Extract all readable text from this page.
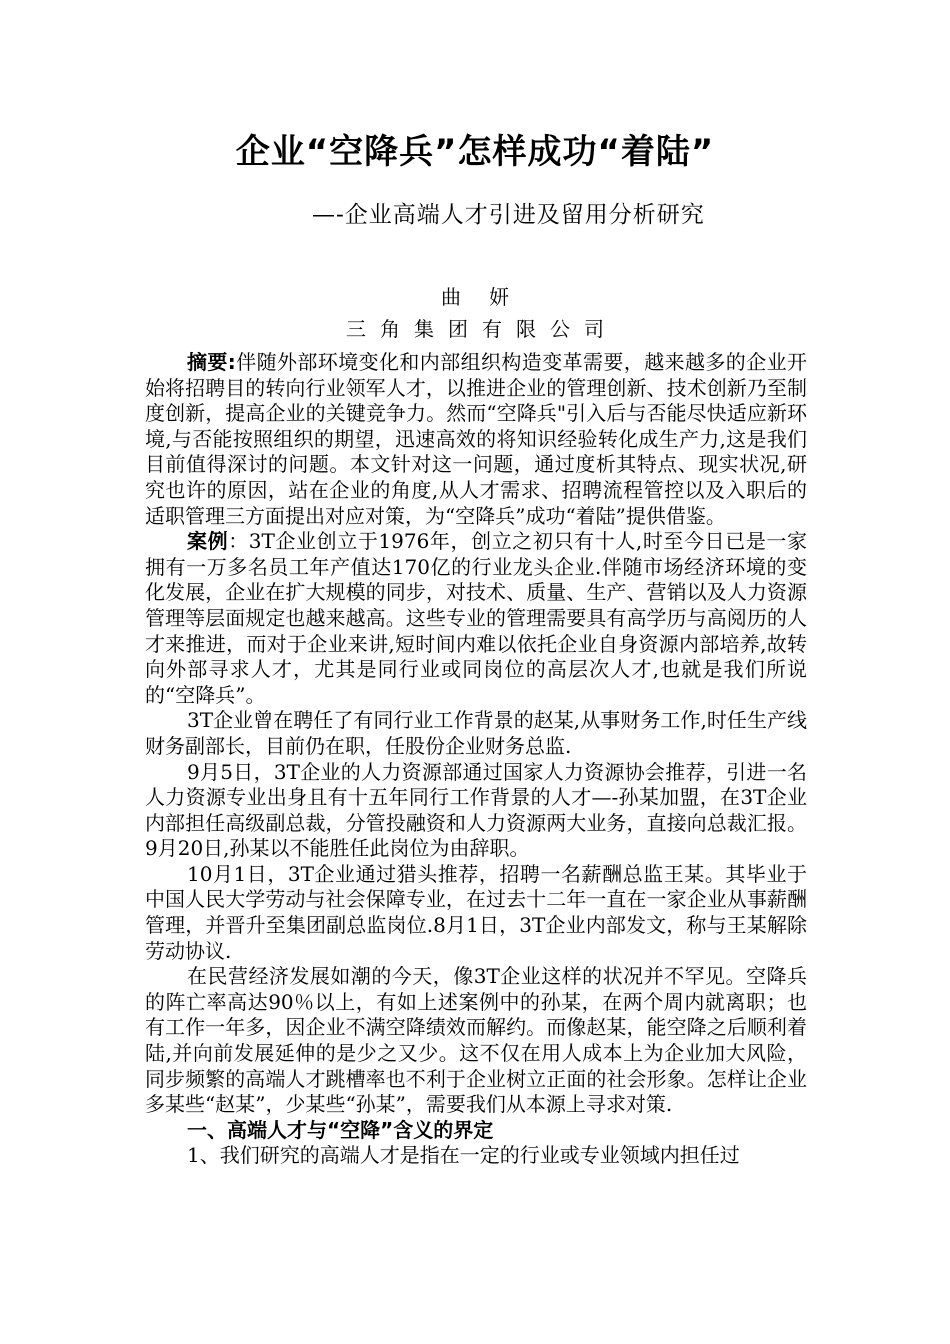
企业“空降兵”怎样成功“着陆”
—-企业高端人才引进及留用分析研究
曲妍
三角集团有限公司

摘要:伴随外部环境变化和内部组织构造变革需要，越来越多的企业开始将招聘目的转向行业领军人才，以推进企业的管理创新、技术创新乃至制度创新，提高企业的关键竞争力。然而“空降兵"引入后与否能尽快适应新环境,与否能按照组织的期望，迅速高效的将知识经验转化成生产力,这是我们目前值得深讨的问题。本文针对这一问题，通过度析其特点、现实状况,研究也许的原因，站在企业的角度,从人才需求、招聘流程管控以及入职后的适职管理三方面提出对应对策，为“空降兵”成功“着陆”提供借鉴。

案例：3T企业创立于1976年，创立之初只有十人,时至今日已是一家拥有一万多名员工年产值达170亿的行业龙头企业.伴随市场经济环境的变化发展，企业在扩大规模的同步，对技术、质量、生产、营销以及人力资源管理等层面规定也越来越高。这些专业的管理需要具有高学历与高阅历的人才来推进，而对于企业来讲,短时间内难以依托企业自身资源内部培养,故转向外部寻求人才，尤其是同行业或同岗位的高层次人才,也就是我们所说的“空降兵”。

3T企业曾在聘任了有同行业工作背景的赵某,从事财务工作,时任生产线财务副部长，目前仍在职，任股份企业财务总监.

9月5日，3T企业的人力资源部通过国家人力资源协会推荐，引进一名人力资源专业出身且有十五年同行工作背景的人才—-孙某加盟，在3T企业内部担任高级副总裁，分管投融资和人力资源两大业务，直接向总裁汇报。9月20日,孙某以不能胜任此岗位为由辞职。

10月1日，3T企业通过猎头推荐，招聘一名薪酬总监王某。其毕业于中国人民大学劳动与社会保障专业，在过去十二年一直在一家企业从事薪酬管理，并晋升至集团副总监岗位.8月1日，3T企业内部发文，称与王某解除劳动协议.

在民营经济发展如潮的今天，像3T企业这样的状况并不罕见。空降兵的阵亡率高达90％以上，有如上述案例中的孙某，在两个周内就离职；也有工作一年多，因企业不满空降绩效而解约。而像赵某，能空降之后顺利着陆,并向前发展延伸的是少之又少。这不仅在用人成本上为企业加大风险，同步频繁的高端人才跳槽率也不利于企业树立正面的社会形象。怎样让企业多某些“赵某”，少某些“孙某”，需要我们从本源上寻求对策.

一、高端人才与“空降”含义的界定

1、我们研究的高端人才是指在一定的行业或专业领域内担任过
